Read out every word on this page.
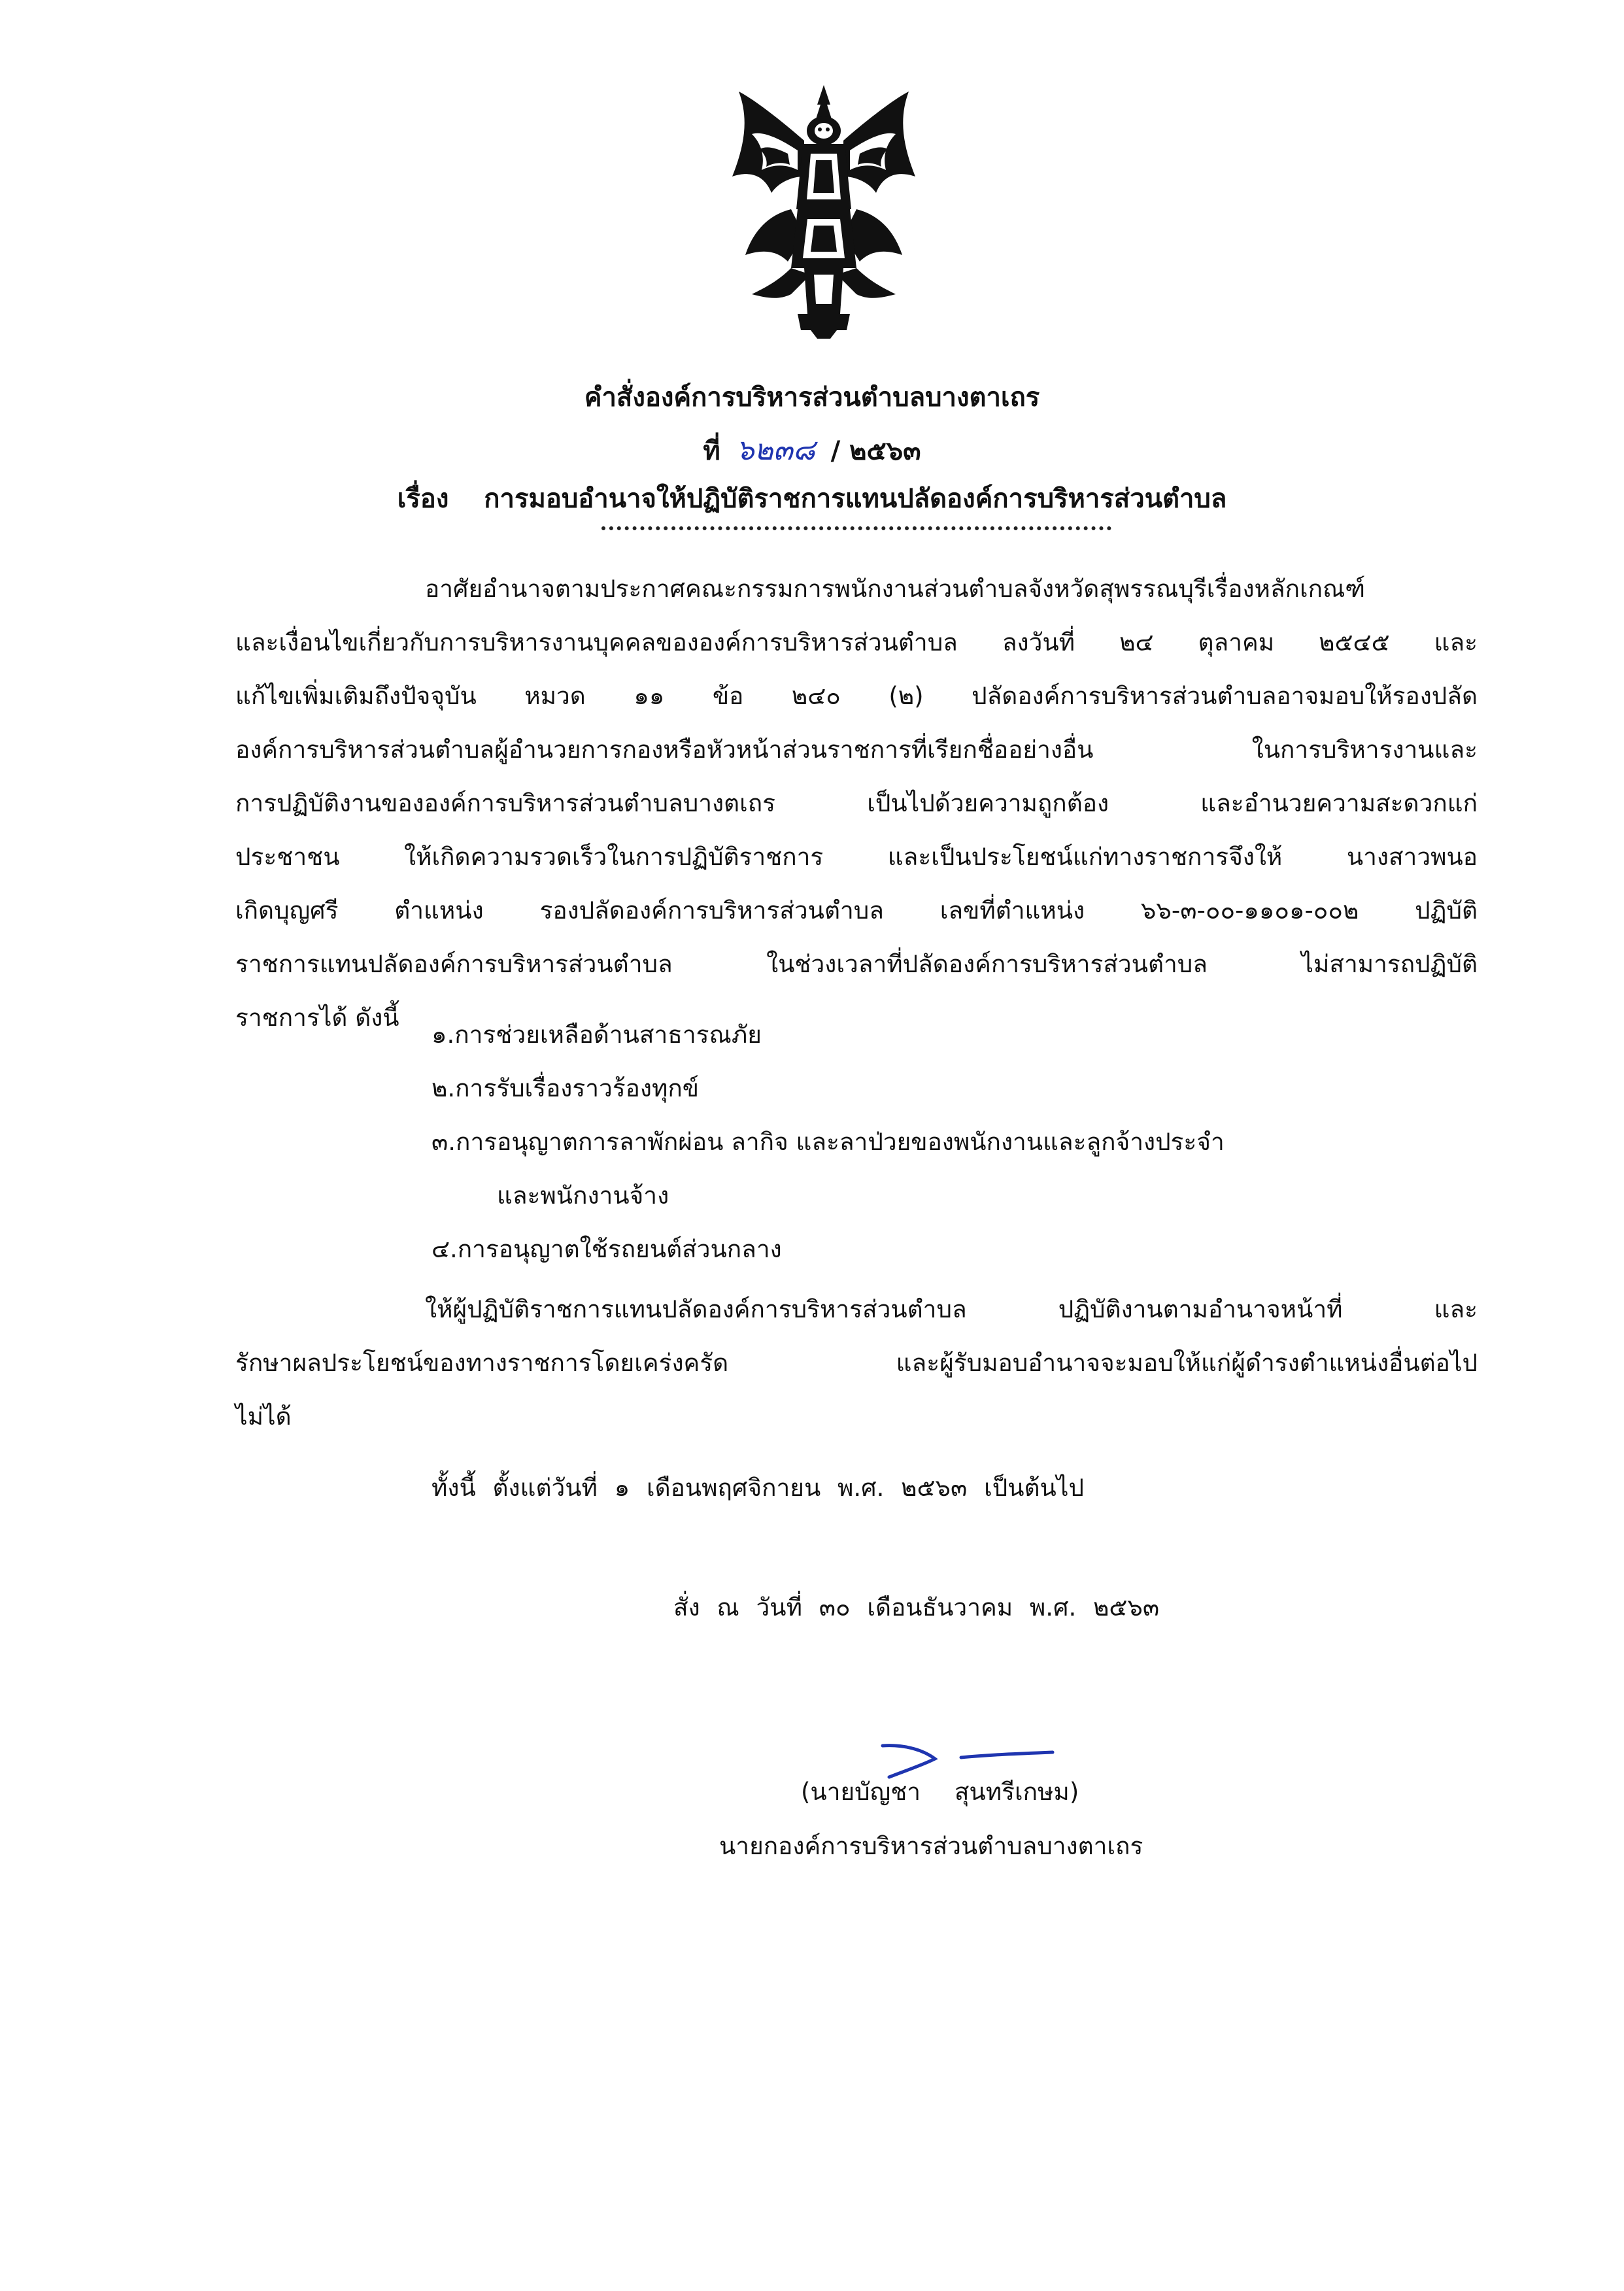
คำสั่งองค์การบริหารส่วนตำบลบางตาเถร
ที่ ๖๒๓๘ / ๒๕๖๓
เรื่อง การมอบอำนาจให้ปฏิบัติราชการแทนปลัดองค์การบริหารส่วนตำบล
อาศัยอำนาจตามประกาศคณะกรรมการพนักงานส่วนตำบลจังหวัดสุพรรณบุรีเรื่องหลักเกณฑ์
และเงื่อนไขเกี่ยวกับการบริหารงานบุคคลขององค์การบริหารส่วนตำบล ลงวันที่ ๒๔ ตุลาคม ๒๕๔๕ และ
แก้ไขเพิ่มเติมถึงปัจจุบัน หมวด ๑๑ ข้อ ๒๔๐ (๒) ปลัดองค์การบริหารส่วนตำบลอาจมอบให้รองปลัด
องค์การบริหารส่วนตำบลผู้อำนวยการกองหรือหัวหน้าส่วนราชการที่เรียกชื่ออย่างอื่น ในการบริหารงานและ
การปฏิบัติงานขององค์การบริหารส่วนตำบลบางตเถร เป็นไปด้วยความถูกต้อง และอำนวยความสะดวกแก่
ประชาชน ให้เกิดความรวดเร็วในการปฏิบัติราชการ และเป็นประโยชน์แก่ทางราชการจึงให้ นางสาวพนอ
เกิดบุญศรี ตำแหน่ง รองปลัดองค์การบริหารส่วนตำบล เลขที่ตำแหน่ง ๖๖-๓-๐๐-๑๑๐๑-๐๐๒ ปฏิบัติ
ราชการแทนปลัดองค์การบริหารส่วนตำบล ในช่วงเวลาที่ปลัดองค์การบริหารส่วนตำบล ไม่สามารถปฏิบัติ
ราชการได้ ดังนี้
๑.การช่วยเหลือด้านสาธารณภัย
๒.การรับเรื่องราวร้องทุกข์
๓.การอนุญาตการลาพักผ่อน ลากิจ และลาป่วยของพนักงานและลูกจ้างประจำ
และพนักงานจ้าง
๔.การอนุญาตใช้รถยนต์ส่วนกลาง
ให้ผู้ปฏิบัติราชการแทนปลัดองค์การบริหารส่วนตำบล ปฏิบัติงานตามอำนาจหน้าที่ และ
รักษาผลประโยชน์ของทางราชการโดยเคร่งครัด และผู้รับมอบอำนาจจะมอบให้แก่ผู้ดำรงตำแหน่งอื่นต่อไป
ไม่ได้
ทั้งนี้ ตั้งแต่วันที่ ๑ เดือนพฤศจิกายน พ.ศ. ๒๕๖๓ เป็นต้นไป
สั่ง ณ วันที่ ๓๐ เดือนธันวาคม พ.ศ. ๒๕๖๓
(นายบัญชา สุนทรีเกษม)
นายกองค์การบริหารส่วนตำบลบางตาเถร
